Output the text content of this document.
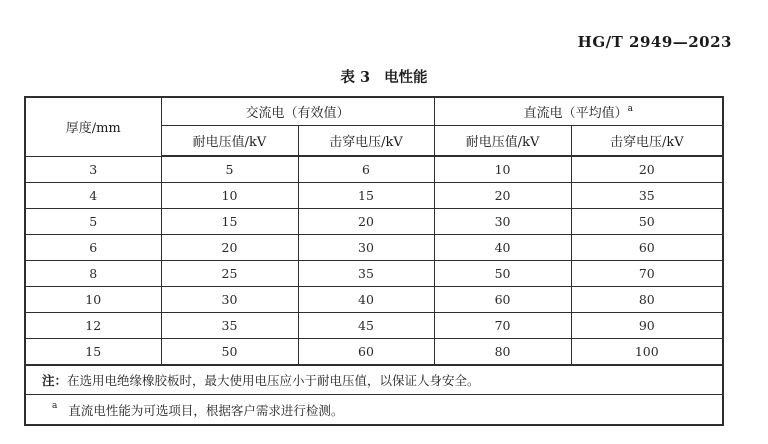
HG/T 2949—2023
表 3 电性能
厚度/mm	交流电（有效值）		直流电（平均值）$^a$
	耐电压值/kV	击穿电压/kV	耐电压值/kV	击穿电压/kV
3	5	6	10	20
4	10	15	20	35
5	15	20	30	50
6	20	30	40	60
8	25	35	50	70
10	30	40	60	80
12	35	45	70	90
15	50	60	80	100
注：在选用电绝缘橡胶板时，最大使用电压应小于耐电压值，以保证人身安全。				
$^a$ 直流电性能为可选项目，根据客户需求进行检测。				
